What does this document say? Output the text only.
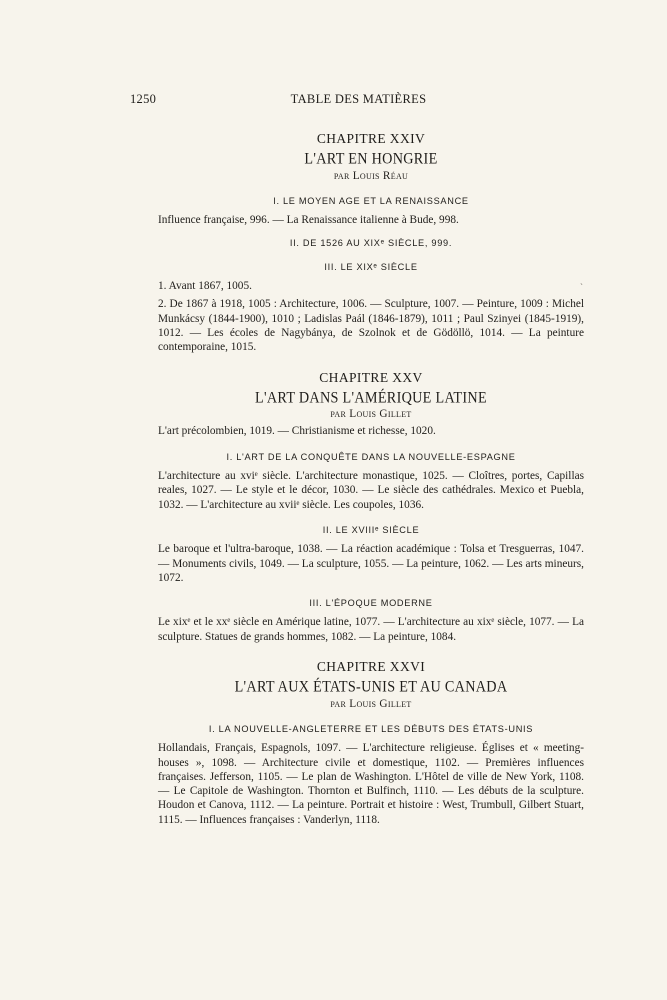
1250	TABLE DES MATIÈRES
ˋ

CHAPITRE XXIV

L'ART EN HONGRIE

par Louis Réau

I. LE MOYEN AGE ET LA RENAISSANCE

Influence française, 996. — La Renaissance italienne à Bude, 998.

II. DE 1526 AU XIXᵉ SIÈCLE, 999.

III. LE XIXᵉ SIÈCLE

1. Avant 1867, 1005.

2. De 1867 à 1918, 1005 : Architecture, 1006. — Sculpture, 1007. — Peinture, 1009 : Michel Munkácsy (1844-1900), 1010 ; Ladislas Paál (1846-1879), 1011 ; Paul Szinyei (1845-1919), 1012. — Les écoles de Nagybánya, de Szolnok et de Gödöllö, 1014. — La peinture contemporaine, 1015.

CHAPITRE XXV

L'ART DANS L'AMÉRIQUE LATINE

par Louis Gillet

L'art précolombien, 1019. — Christianisme et richesse, 1020.

I. L'ART DE LA CONQUÊTE DANS LA NOUVELLE-ESPAGNE

L'architecture au xviᵉ siècle. L'architecture monastique, 1025. — Cloîtres, portes, Capillas reales, 1027. — Le style et le décor, 1030. — Le siècle des cathédrales. Mexico et Puebla, 1032. — L'architecture au xviiᵉ siècle. Les coupoles, 1036.

II. LE XVIIIᵉ SIÈCLE

Le baroque et l'ultra-baroque, 1038. — La réaction académique : Tolsa et Tresguerras, 1047. — Monuments civils, 1049. — La sculpture, 1055. — La peinture, 1062. — Les arts mineurs, 1072.

III. L'ÉPOQUE MODERNE

Le xixᵉ et le xxᵉ siècle en Amérique latine, 1077. — L'architecture au xixᵉ siècle, 1077. — La sculpture. Statues de grands hommes, 1082. — La peinture, 1084.

CHAPITRE XXVI

L'ART AUX ÉTATS-UNIS ET AU CANADA

par Louis Gillet

I. LA NOUVELLE-ANGLETERRE ET LES DÉBUTS DES ÉTATS-UNIS

Hollandais, Français, Espagnols, 1097. — L'architecture religieuse. Églises et « meeting-houses », 1098. — Architecture civile et domestique, 1102. — Premières influences françaises. Jefferson, 1105. — Le plan de Washington. L'Hôtel de ville de New York, 1108. — Le Capitole de Washington. Thornton et Bulfinch, 1110. — Les débuts de la sculpture. Houdon et Canova, 1112. — La peinture. Portrait et histoire : West, Trumbull, Gilbert Stuart, 1115. — Influences françaises : Vanderlyn, 1118.
